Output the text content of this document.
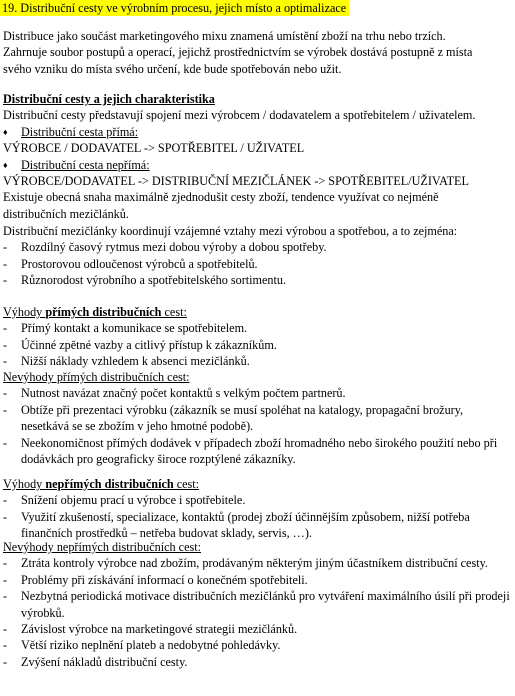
19. Distribuční cesty ve výrobním procesu, jejich místo a optimalizace
Distribuce jako součást marketingového mixu znamená umístění zboží na trhu nebo trzích.
Zahrnuje soubor postupů a operací, jejichž prostřednictvím se výrobek dostává postupně z místa
svého vzniku do místa svého určení, kde bude spotřebován nebo užit.
Distribuční cesty a jejich charakteristika
Distribuční cesty představují spojení mezi výrobcem / dodavatelem a spotřebitelem / uživatelem.
♦	Distribuční cesta přímá:
VÝROBCE / DODAVATEL -> SPOTŘEBITEL / UŽIVATEL
♦	Distribuční cesta nepřímá:
VÝROBCE/DODAVATEL -> DISTRIBUČNÍ MEZIČLÁNEK -> SPOTŘEBITEL/UŽIVATEL
Existuje obecná snaha maximálně zjednodušit cesty zboží, tendence využívat co nejméně
distribučních mezičlánků.
Distribuční mezičlánky koordinují vzájemné vztahy mezi výrobou a spotřebou, a to zejména:
-	Rozdílný časový rytmus mezi dobou výroby a dobou spotřeby.
-	Prostorovou odloučenost výrobců a spotřebitelů.
-	Různorodost výrobního a spotřebitelského sortimentu.
Výhody přímých distribučních cest:
-	Přímý kontakt a komunikace se spotřebitelem.
-	Účinné zpětné vazby a citlivý přístup k zákazníkům.
-	Nižší náklady vzhledem k absenci mezičlánků.
Nevýhody přímých distribučních cest:
-	Nutnost navázat značný počet kontaktů s velkým počtem partnerů.
-	Obtíže při prezentaci výrobku (zákazník se musí spoléhat na katalogy, propagační brožury, nesetkává se se zbožím v jeho hmotné podobě).
-	Neekonomičnost přímých dodávek v případech zboží hromadného nebo širokého použití nebo při dodávkách pro geograficky široce rozptýlené zákazníky.
Výhody nepřímých distribučních cest:
-	Snížení objemu prací u výrobce i spotřebitele.
-	Využití zkušeností, specializace, kontaktů (prodej zboží účinnějším způsobem, nižší potřeba finančních prostředků – netřeba budovat sklady, servis, …).
Nevýhody nepřímých distribučních cest:
-	Ztráta kontroly výrobce nad zbožím, prodávaným některým jiným účastníkem distribuční cesty.
-	Problémy při získávání informací o konečném spotřebiteli.
-	Nezbytná periodická motivace distribučních mezičlánků pro vytváření maximálního úsilí při prodeji výrobků.
-	Závislost výrobce na marketingové strategii mezičlánků.
-	Větší riziko neplnění plateb a nedobytné pohledávky.
-	Zvýšení nákladů distribuční cesty.
